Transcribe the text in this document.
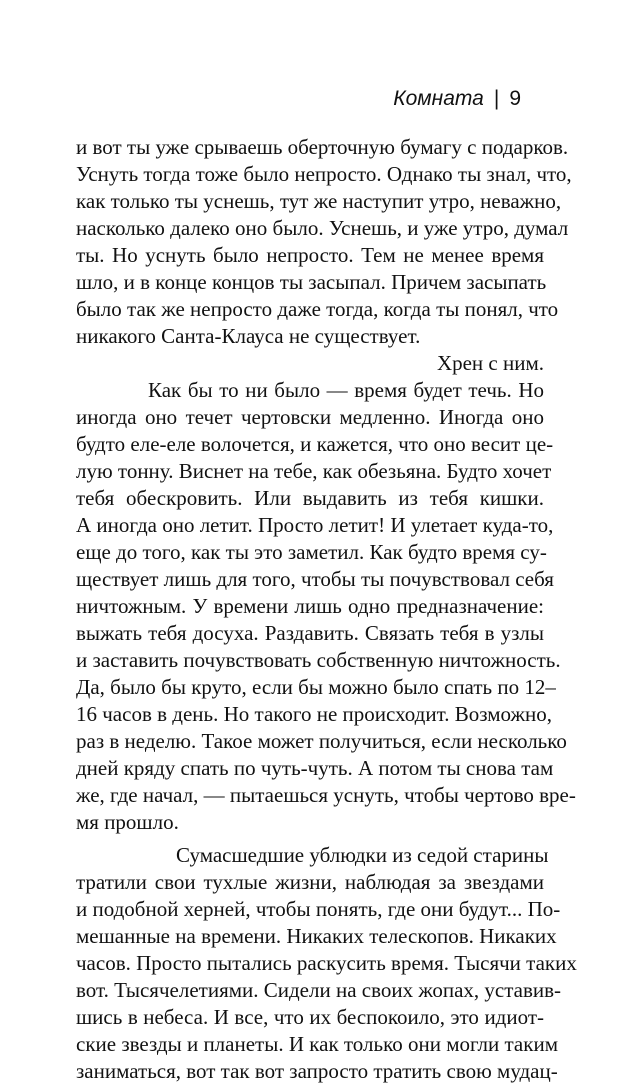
Комната | 9
и вот ты уже срываешь оберточную бумагу с подарков.
Уснуть тогда тоже было непросто. Однако ты знал, что,
как только ты уснешь, тут же наступит утро, неважно,
насколько далеко оно было. Уснешь, и уже утро, думал
ты. Но уснуть было непросто. Тем не менее время
шло, и в конце концов ты засыпал. Причем засыпать
было так же непросто даже тогда, когда ты понял, что
никакого Санта-Клауса не существует.
Хрен с ним.
Как бы то ни было — время будет течь. Но
иногда оно течет чертовски медленно. Иногда оно
будто еле-еле волочется, и кажется, что оно весит це-
лую тонну. Виснет на тебе, как обезьяна. Будто хочет
тебя обескровить. Или выдавить из тебя кишки.
А иногда оно летит. Просто летит! И улетает куда-то,
еще до того, как ты это заметил. Как будто время су-
ществует лишь для того, чтобы ты почувствовал себя
ничтожным. У времени лишь одно предназначение:
выжать тебя досуха. Раздавить. Связать тебя в узлы
и заставить почувствовать собственную ничтожность.
Да, было бы круто, если бы можно было спать по 12–
16 часов в день. Но такого не происходит. Возможно,
раз в неделю. Такое может получиться, если несколько
дней кряду спать по чуть-чуть. А потом ты снова там
же, где начал, — пытаешься уснуть, чтобы чертово вре-
мя прошло.
Сумасшедшие ублюдки из седой старины
тратили свои тухлые жизни, наблюдая за звездами
и подобной херней, чтобы понять, где они будут... По-
мешанные на времени. Никаких телескопов. Никаких
часов. Просто пытались раскусить время. Тысячи таких
вот. Тысячелетиями. Сидели на своих жопах, уставив-
шись в небеса. И все, что их беспокоило, это идиот-
ские звезды и планеты. И как только они могли таким
заниматься, вот так вот запросто тратить свою мудац-
